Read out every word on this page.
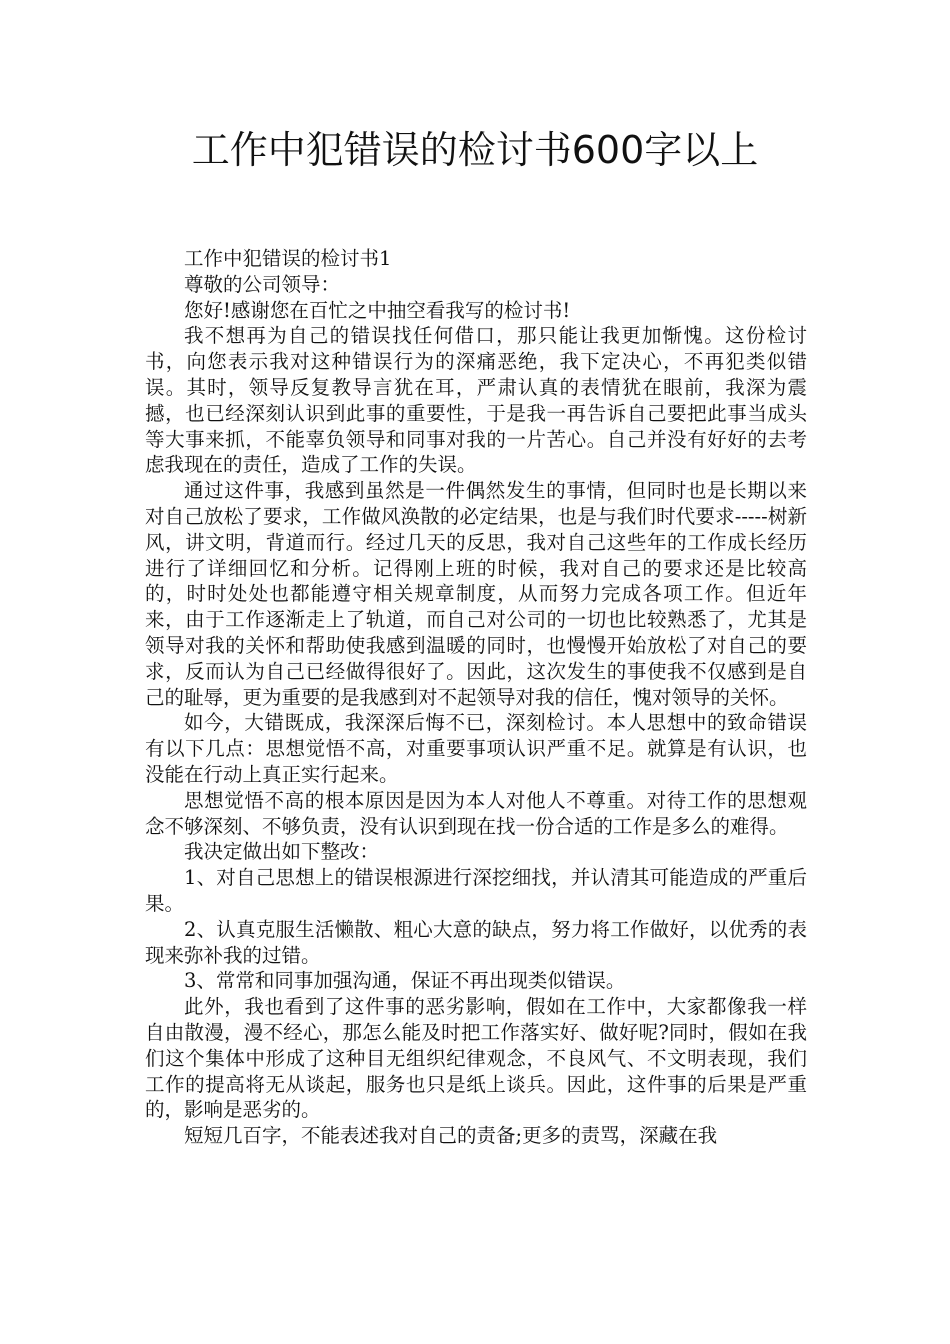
工作中犯错误的检讨书600字以上

工作中犯错误的检讨书1

尊敬的公司领导：

您好!感谢您在百忙之中抽空看我写的检讨书!

我不想再为自己的错误找任何借口，那只能让我更加惭愧。这份检讨书，向您表示我对这种错误行为的深痛恶绝，我下定决心，不再犯类似错误。其时，领导反复教导言犹在耳，严肃认真的表情犹在眼前，我深为震撼，也已经深刻认识到此事的重要性，于是我一再告诉自己要把此事当成头等大事来抓，不能辜负领导和同事对我的一片苦心。自己并没有好好的去考虑我现在的责任，造成了工作的失误。

通过这件事，我感到虽然是一件偶然发生的事情，但同时也是长期以来对自己放松了要求，工作做风涣散的必定结果，也是与我们时代要求-----树新风，讲文明，背道而行。经过几天的反思，我对自己这些年的工作成长经历进行了详细回忆和分析。记得刚上班的时候，我对自己的要求还是比较高的，时时处处也都能遵守相关规章制度，从而努力完成各项工作。但近年来，由于工作逐渐走上了轨道，而自己对公司的一切也比较熟悉了，尤其是领导对我的关怀和帮助使我感到温暖的同时，也慢慢开始放松了对自己的要求，反而认为自己已经做得很好了。因此，这次发生的事使我不仅感到是自己的耻辱，更为重要的是我感到对不起领导对我的信任，愧对领导的关怀。

如今，大错既成，我深深后悔不已，深刻检讨。本人思想中的致命错误有以下几点：思想觉悟不高，对重要事项认识严重不足。就算是有认识，也没能在行动上真正实行起来。

思想觉悟不高的根本原因是因为本人对他人不尊重。对待工作的思想观念不够深刻、不够负责，没有认识到现在找一份合适的工作是多么的难得。

我决定做出如下整改：

1、对自己思想上的错误根源进行深挖细找，并认清其可能造成的严重后果。

2、认真克服生活懒散、粗心大意的缺点，努力将工作做好，以优秀的表现来弥补我的过错。

3、常常和同事加强沟通，保证不再出现类似错误。

此外，我也看到了这件事的恶劣影响，假如在工作中，大家都像我一样自由散漫，漫不经心，那怎么能及时把工作落实好、做好呢?同时，假如在我们这个集体中形成了这种目无组织纪律观念，不良风气、不文明表现，我们工作的提高将无从谈起，服务也只是纸上谈兵。因此，这件事的后果是严重的，影响是恶劣的。

短短几百字，不能表述我对自己的责备;更多的责骂，深藏在我
